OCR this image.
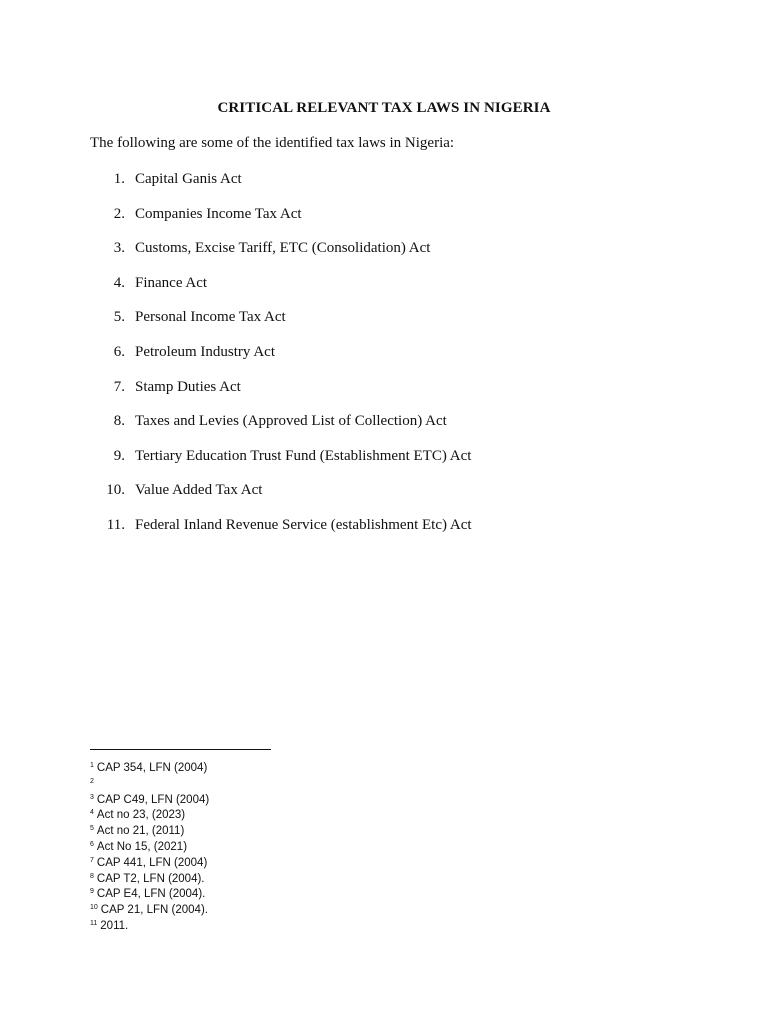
CRITICAL RELEVANT TAX LAWS IN NIGERIA
The following are some of the identified tax laws in Nigeria:
1. Capital Ganis Act
2. Companies Income Tax Act
3. Customs, Excise Tariff, ETC (Consolidation) Act
4. Finance Act
5. Personal Income Tax Act
6. Petroleum Industry Act
7. Stamp Duties Act
8. Taxes and Levies (Approved List of Collection) Act
9. Tertiary Education Trust Fund (Establishment ETC) Act
10. Value Added Tax Act
11. Federal Inland Revenue Service (establishment Etc) Act
$^1$ CAP 354, LFN (2004)
$^2$
$^3$ CAP C49, LFN (2004)
$^4$ Act no 23, (2023)
$^5$ Act no 21, (2011)
$^6$ Act No 15, (2021)
$^7$ CAP 441, LFN (2004)
$^8$ CAP T2, LFN (2004).
$^9$ CAP E4, LFN (2004).
$^{10}$ CAP 21, LFN (2004).
$^{11}$ 2011.
